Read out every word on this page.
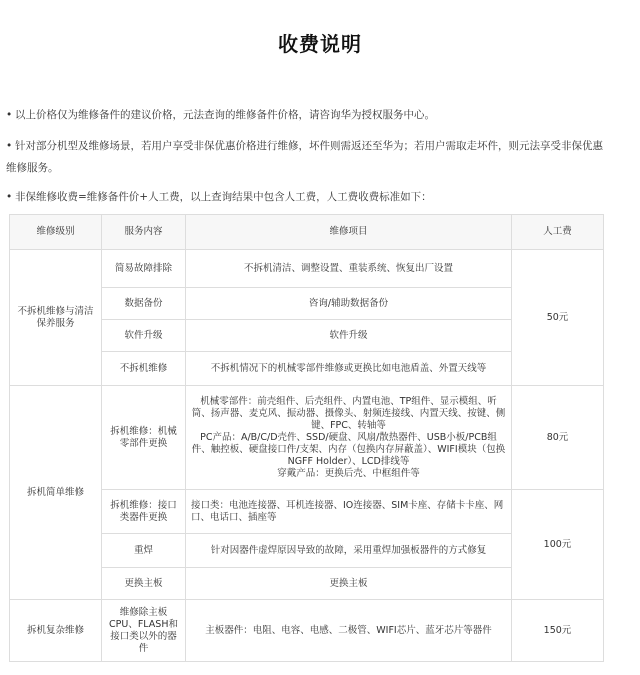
收费说明
• 以上价格仅为维修备件的建议价格，元法查询的维修备件价格，请咨询华为授权服务中心。
• 针对部分机型及维修场景，若用户享受非保优惠价格进行维修，坏件则需返还至华为；若用户需取走坏件，则元法享受非保优惠维修服务。
• 非保维修收费=维修备件价+人工费，以上查询结果中包含人工费，人工费收费标准如下：
维修级别	服务内容	维修项目	人工费
不拆机维修与清洁保养服务	简易故障排除	不拆机清洁、调整设置、重装系统、恢复出厂设置	50元
	数据备份	咨询/辅助数据备份	
	软件升级	软件升级	
	不拆机维修	不拆机情况下的机械零部件维修或更换比如电池盾盖、外置天线等	
拆机简单维修	拆机维修：机械零部件更换	机械零部件：前壳组件、后壳组件、内置电池、TP组件、显示模组、听筒、扬声器、麦克风、振动器、摄像头、射频连接线、内置天线、按键、侧键、FPC、转轴等
PC产品：A/B/C/D壳件、SSD/硬盘、风扇/散热器件、USB小板/PCB组件、触控板、硬盘接口件/支架、内存（包换内存屏蔽盖）、WIFI模块（包换NGFF Holder）、LCD排线等
穿戴产品：更换后壳、中框组件等	80元
	拆机维修：接口类器件更换	接口类：电池连接器、耳机连接器、IO连接器、SIM卡座、存储卡卡座、网口、电话口、插座等	100元
	重焊	针对因器件虚焊原因导致的故障，采用重焊加强板器件的方式修复	
	更换主板	更换主板	
拆机复杂维修	维修除主板CPU、FLASH和接口类以外的器件	主板器件：电阻、电容、电感、二极管、WIFI芯片、蓝牙芯片等器件	150元
